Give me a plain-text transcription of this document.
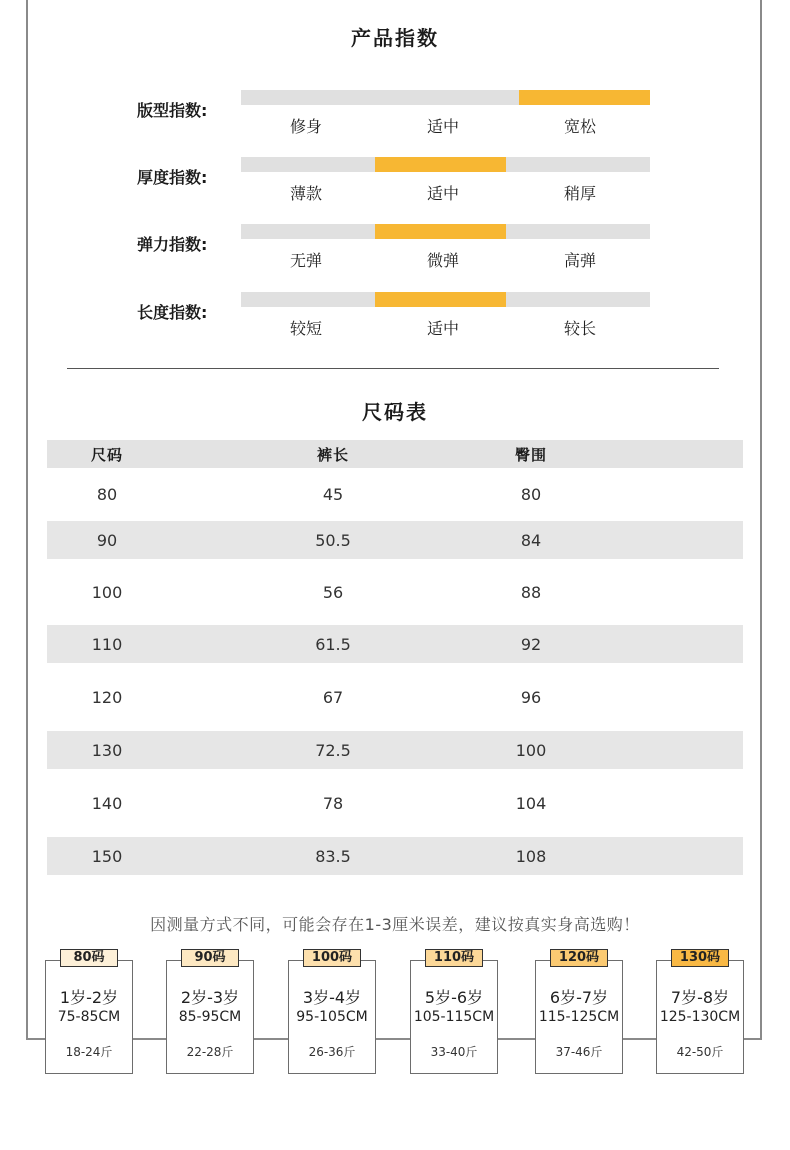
产品指数
版型指数:
修身	适中	宽松
厚度指数:
薄款	适中	稍厚
弹力指数:
无弹	微弹	高弹
长度指数:
较短	适中	较长
尺码表
尺码	裤长	臀围
80	45	80
90	50.5	84
100	56	88
110	61.5	92
120	67	96
130	72.5	100
140	78	104
150	83.5	108
因测量方式不同，可能会存在1-3厘米误差，建议按真实身高选购！
1岁-2岁
75-85CM
18-24斤
80码
2岁-3岁
85-95CM
22-28斤
90码
3岁-4岁
95-105CM
26-36斤
100码
5岁-6岁
105-115CM
33-40斤
110码
6岁-7岁
115-125CM
37-46斤
120码
7岁-8岁
125-130CM
42-50斤
130码
